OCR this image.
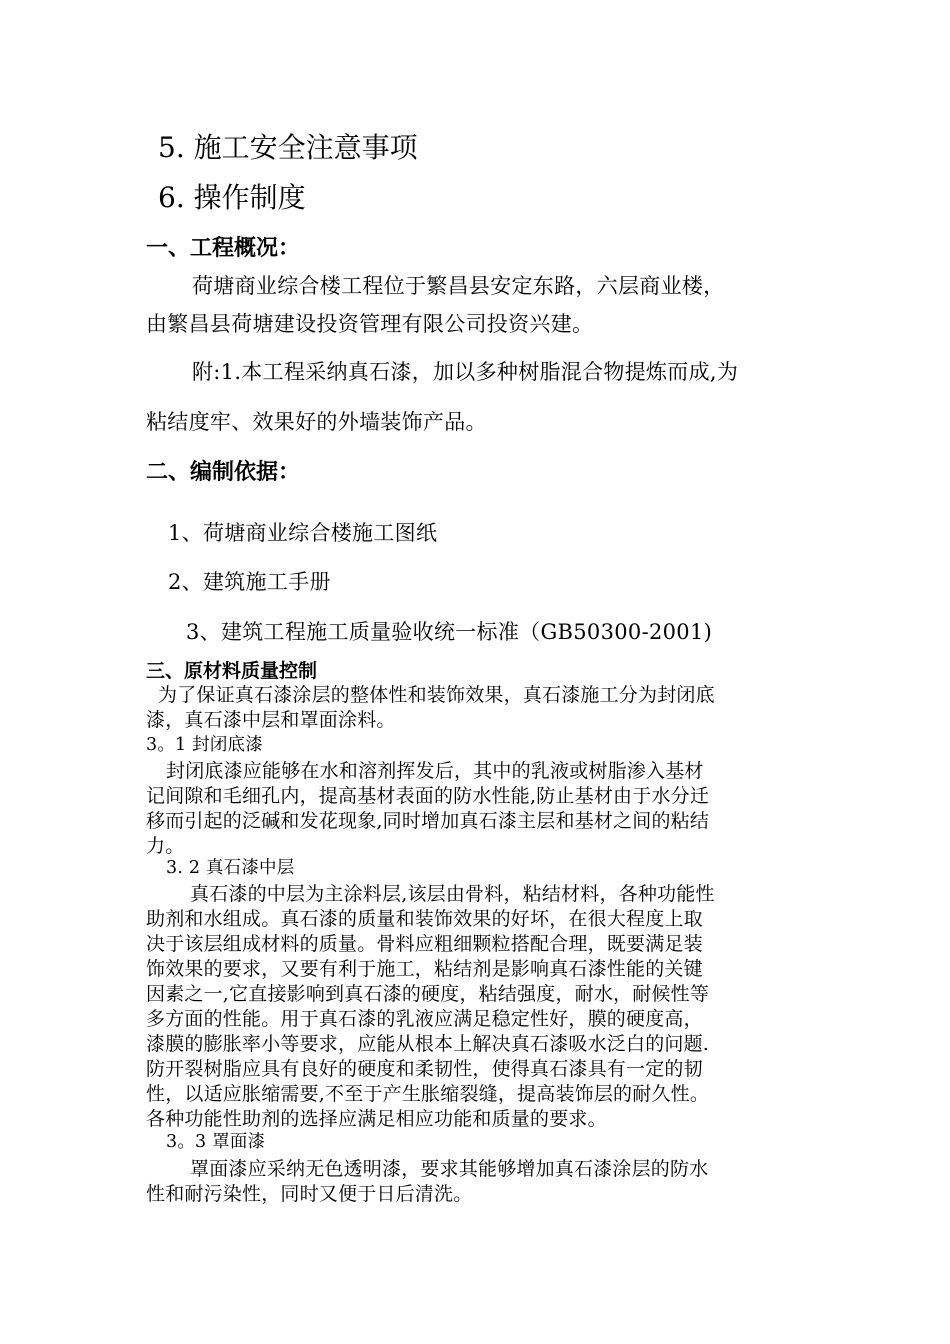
5. 施工安全注意事项
6. 操作制度
一、工程概况：
荷塘商业综合楼工程位于繁昌县安定东路，六层商业楼，
由繁昌县荷塘建设投资管理有限公司投资兴建。
附:1.本工程采纳真石漆，加以多种树脂混合物提炼而成,为
粘结度牢、效果好的外墙装饰产品。
二、编制依据：
1、荷塘商业综合楼施工图纸
2、建筑施工手册
3、建筑工程施工质量验收统一标准（GB50300-2001)
三、原材料质量控制
为了保证真石漆涂层的整体性和装饰效果，真石漆施工分为封闭底
漆，真石漆中层和罩面涂料。
3。1 封闭底漆
封闭底漆应能够在水和溶剂挥发后，其中的乳液或树脂渗入基材
记间隙和毛细孔内，提高基材表面的防水性能,防止基材由于水分迁
移而引起的泛碱和发花现象,同时增加真石漆主层和基材之间的粘结
力。
3. 2 真石漆中层
真石漆的中层为主涂料层,该层由骨料，粘结材料，各种功能性
助剂和水组成。真石漆的质量和装饰效果的好坏，在很大程度上取
决于该层组成材料的质量。骨料应粗细颗粒搭配合理，既要满足装
饰效果的要求，又要有利于施工，粘结剂是影响真石漆性能的关键
因素之一,它直接影响到真石漆的硬度，粘结强度，耐水，耐候性等
多方面的性能。用于真石漆的乳液应满足稳定性好，膜的硬度高，
漆膜的膨胀率小等要求，应能从根本上解决真石漆吸水泛白的问题.
防开裂树脂应具有良好的硬度和柔韧性，使得真石漆具有一定的韧
性，以适应胀缩需要,不至于产生胀缩裂缝，提高装饰层的耐久性。
各种功能性助剂的选择应满足相应功能和质量的要求。
3。3 罩面漆
罩面漆应采纳无色透明漆，要求其能够增加真石漆涂层的防水
性和耐污染性，同时又便于日后清洗。
